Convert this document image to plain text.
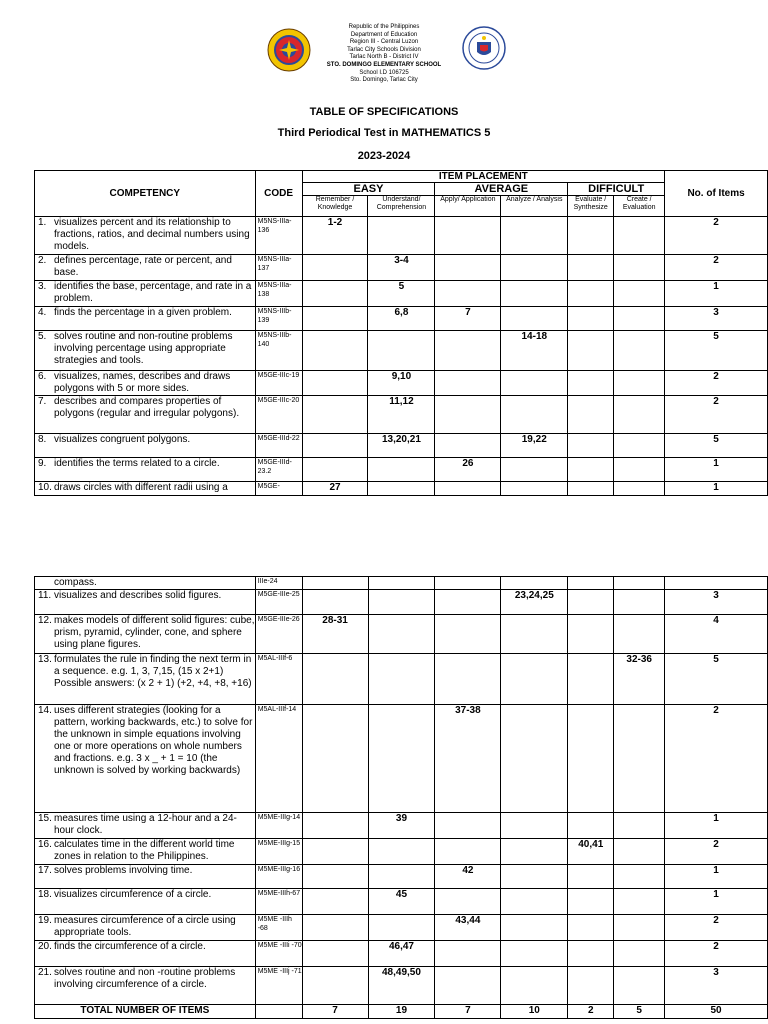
Republic of the Philippines
Department of Education
Region III - Central Luzon
Tarlac City Schools Division
Tarlac North B - District IV
STO. DOMINGO ELEMENTARY SCHOOL
School I.D 106725
Sto. Domingo, Tarlac City
TABLE OF SPECIFICATIONS
Third Periodical Test in MATHEMATICS 5
2023-2024
COMPETENCY	CODE	ITEM PLACEMENT						No. of Items
		EASY		AVERAGE		DIFFICULT		
		Remember / Knowledge	Understand/ Comprehension	Apply/ Application	Analyze / Analysis	Evaluate / Synthesize	Create / Evaluation	

1. visualizes percent and its relationship to fractions, ratios, and decimal numbers using models.	M5NS-IIIa-136	1-2						2

2. defines percentage, rate or percent, and base.	M5NS-IIIa-137		3-4					2

3. identifies the base, percentage, and rate in a problem.	M5NS-IIIa-138		5					1

4. finds the percentage in a given problem.	M5NS-IIIb-139		6,8	7				3

5. solves routine and non-routine problems involving percentage using appropriate strategies and tools.	M5NS-IIIb-140				14-18			5

6. visualizes, names, describes and draws polygons with 5 or more sides.	M5GE-IIIc-19		9,10					2

7. describes and compares properties of polygons (regular and irregular polygons).	M5GE-IIIc-20		11,12					2

8. visualizes congruent polygons.	M5GE-IIId-22		13,20,21		19,22			5

9. identifies the terms related to a circle.	M5GE-IIId-23.2			26				1

10. draws circles with different radii using a	M5GE-	27						1
compass.	IIIe-24							

11. visualizes and describes solid figures.	M5GE-IIIe-25				23,24,25			3

12. makes models of different solid figures: cube, prism, pyramid, cylinder, cone, and sphere using plane figures.	M5GE-IIIe-26	28-31						4

13. formulates the rule in finding the next term in a sequence. e.g. 1, 3, 7,15, (15 x 2+1) Possible answers: (x 2 + 1) (+2, +4, +8, +16)	M5AL-IIIf-6						32-36	5

14. uses different strategies (looking for a pattern, working backwards, etc.) to solve for the unknown in simple equations involving one or more operations on whole numbers and fractions. e.g. 3 x _ + 1 = 10 (the unknown is solved by working backwards)	M5AL-IIIf-14			37-38				2

15. measures time using a 12-hour and a 24-hour clock.	M5ME-IIIg-14		39					1

16. calculates time in the different world time zones in relation to the Philippines.	M5ME-IIIg-15					40,41		2

17. solves problems involving time.	M5ME-IIIg-16			42				1

18. visualizes circumference of a circle.	M5ME-IIIh-67		45					1

19. measures circumference of a circle using appropriate tools.	M5ME -IIIh -68			43,44				2

20. finds the circumference of a circle.	M5ME -IIIi -70		46,47					2

21. solves routine and non -routine problems involving circumference of a circle.	M5ME -IIIj -71		48,49,50					3
TOTAL NUMBER OF ITEMS		7	19	7	10	2	5	50
